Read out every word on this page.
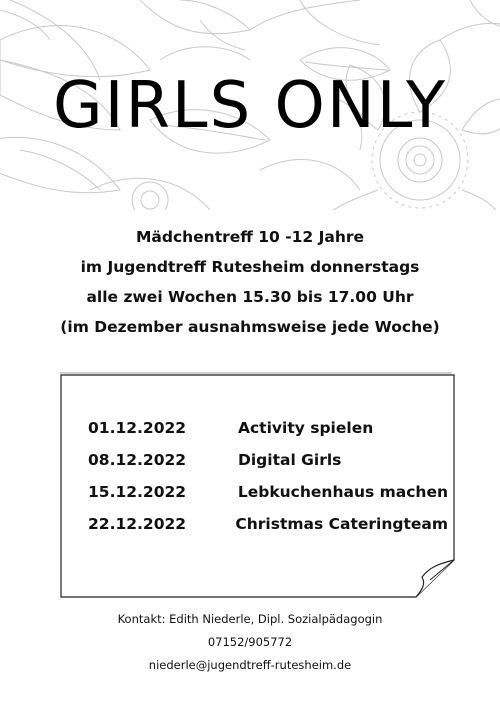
GIRLS ONLY
Mädchentreff 10 -12 Jahre
im Jugendtreff Rutesheim donnerstags
alle zwei Wochen 15.30 bis 17.00 Uhr
(im Dezember ausnahmsweise jede Woche)
01.12.2022	Activity spielen
08.12.2022	Digital Girls
15.12.2022	Lebkuchenhaus machen
22.12.2022	Christmas Cateringteam
Kontakt: Edith Niederle, Dipl. Sozialpädagogin
07152/905772
niederle@jugendtreff-rutesheim.de
